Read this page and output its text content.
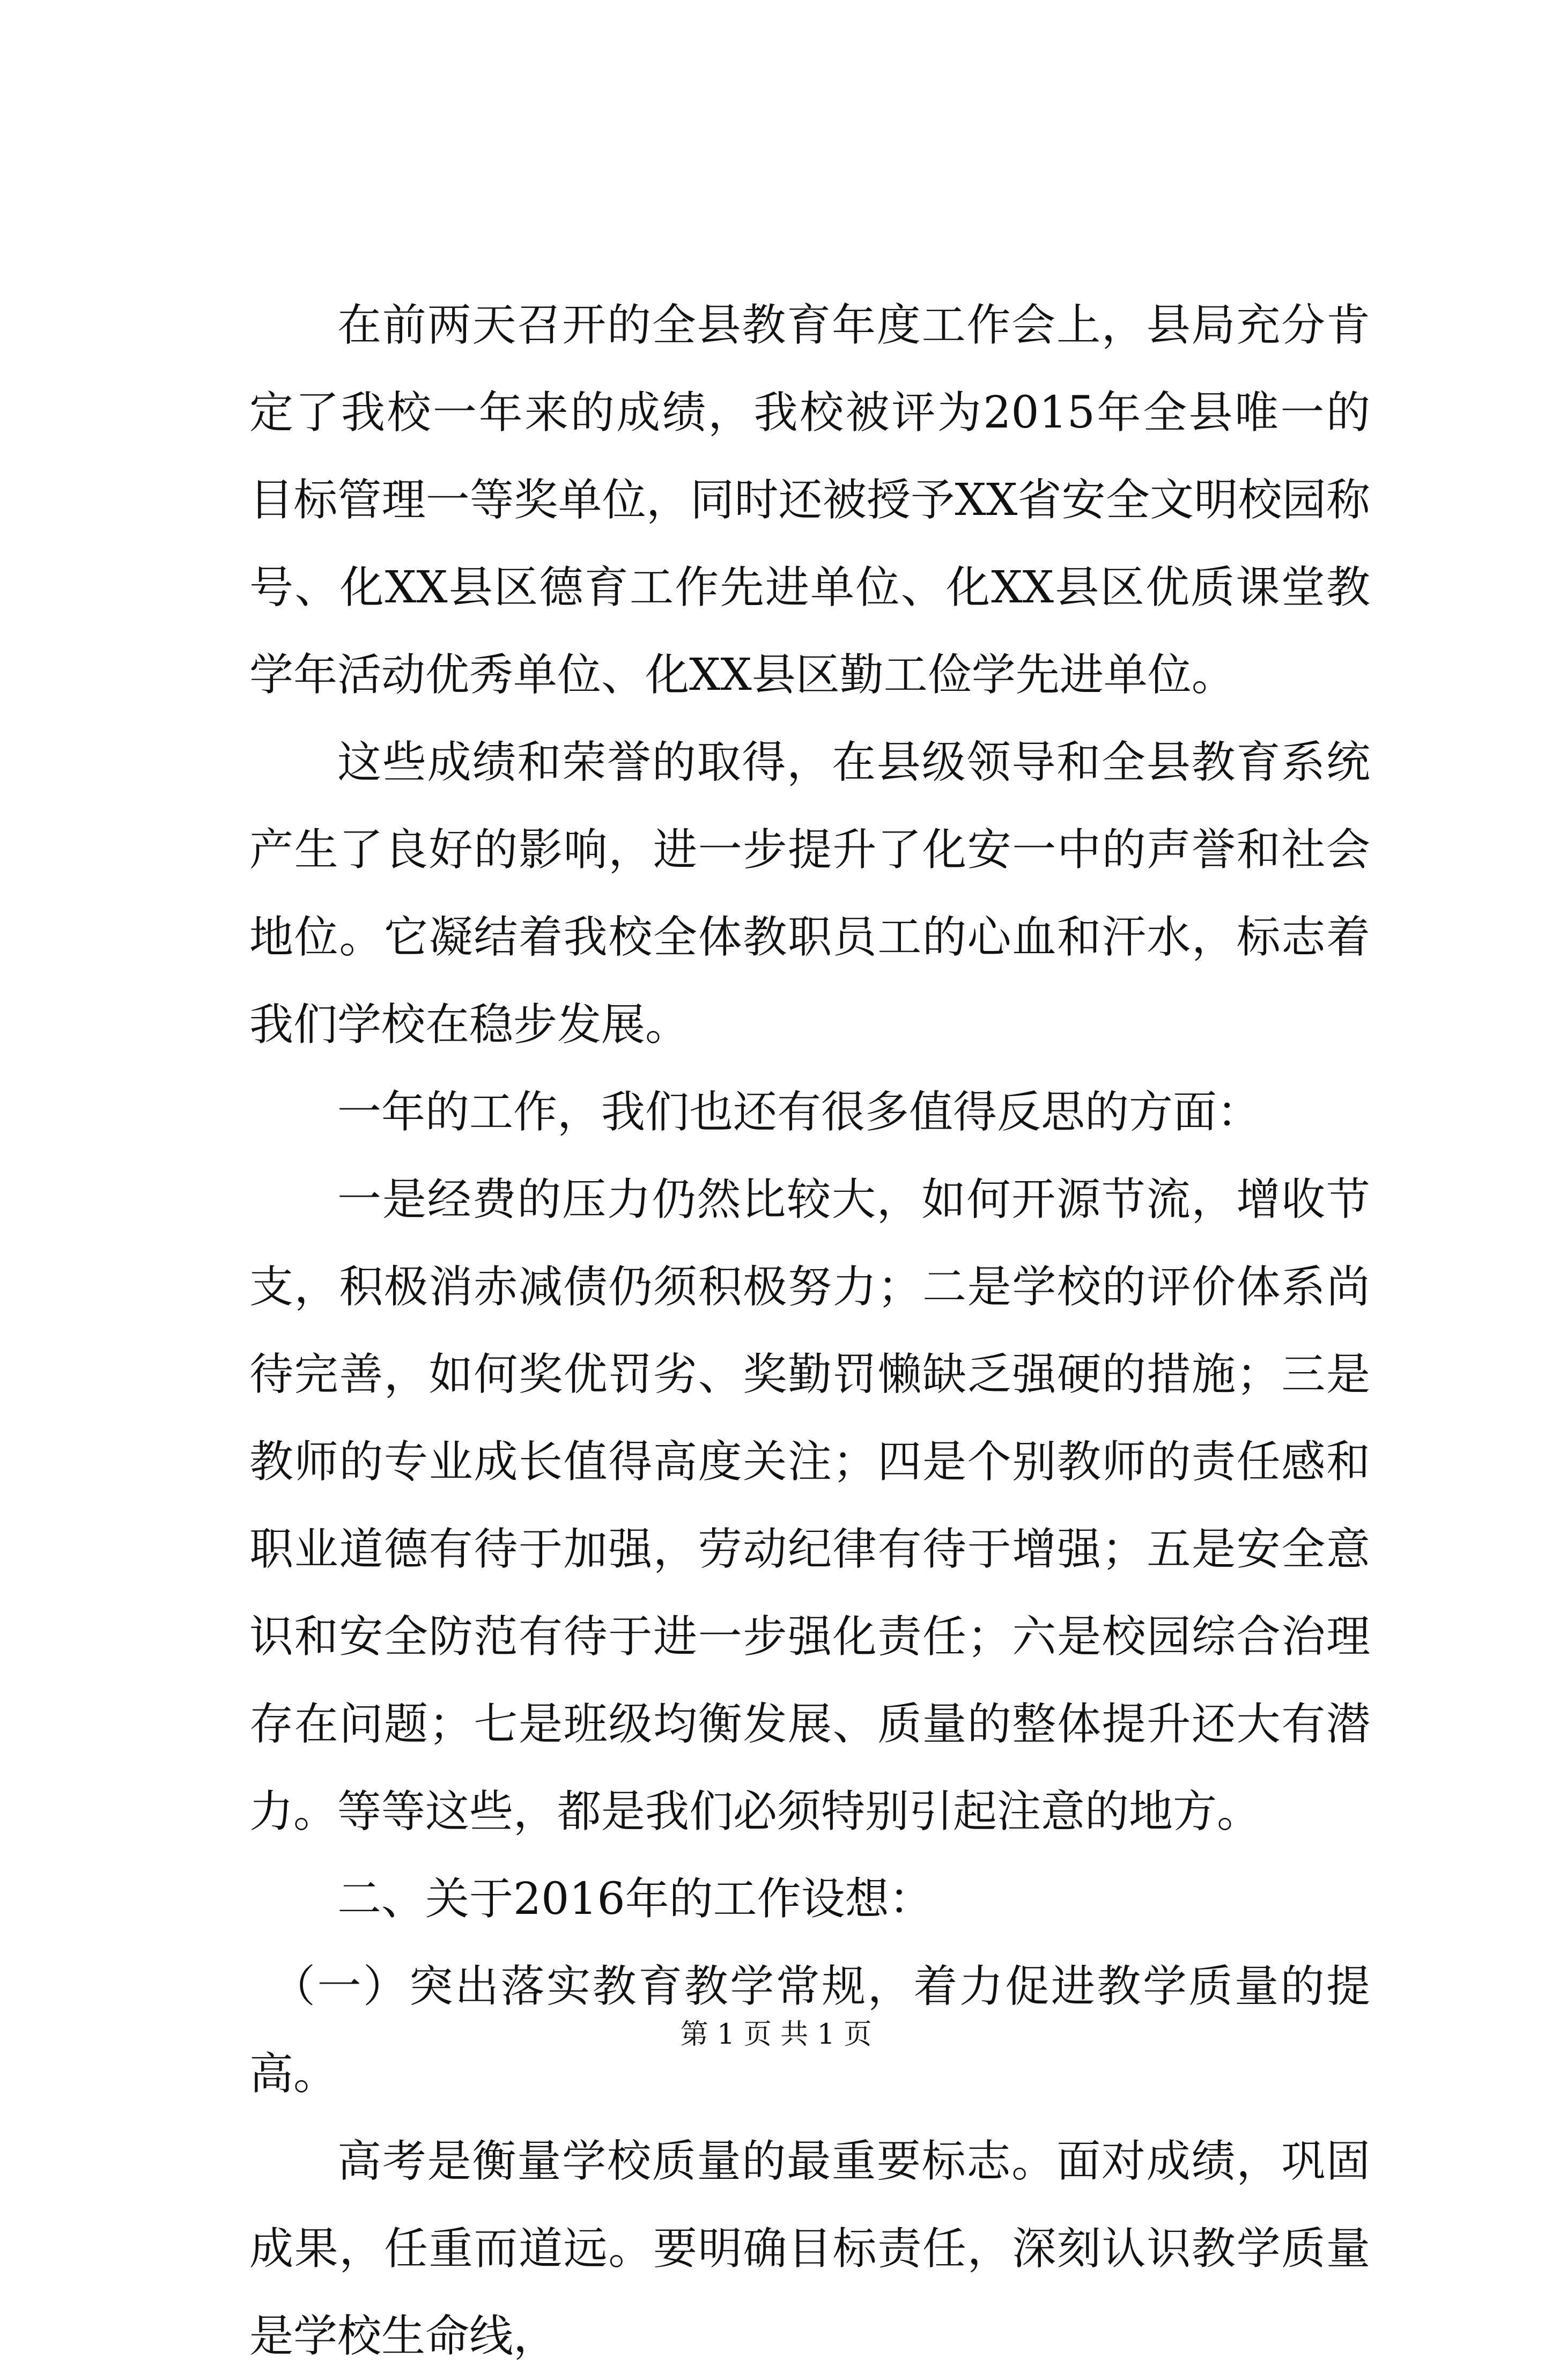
在前两天召开的全县教育年度工作会上，县局充分肯定了我校一年来的成绩，我校被评为2015年全县唯一的目标管理一等奖单位，同时还被授予XX省安全文明校园称号、化XX县区德育工作先进单位、化XX县区优质课堂教学年活动优秀单位、化XX县区勤工俭学先进单位。

这些成绩和荣誉的取得，在县级领导和全县教育系统产生了良好的影响，进一步提升了化安一中的声誉和社会地位。它凝结着我校全体教职员工的心血和汗水，标志着我们学校在稳步发展。

一年的工作，我们也还有很多值得反思的方面：

一是经费的压力仍然比较大，如何开源节流，增收节支，积极消赤减债仍须积极努力；二是学校的评价体系尚待完善，如何奖优罚劣、奖勤罚懒缺乏强硬的措施；三是教师的专业成长值得高度关注；四是个别教师的责任感和职业道德有待于加强，劳动纪律有待于增强；五是安全意识和安全防范有待于进一步强化责任；六是校园综合治理存在问题；七是班级均衡发展、质量的整体提升还大有潜力。等等这些，都是我们必须特别引起注意的地方。

二、关于2016年的工作设想：

（一）突出落实教育教学常规，着力促进教学质量的提高。

高考是衡量学校质量的最重要标志。面对成绩，巩固成果，任重而道远。要明确目标责任，深刻认识教学质量是学校生命线，

第 1 页 共 1 页
